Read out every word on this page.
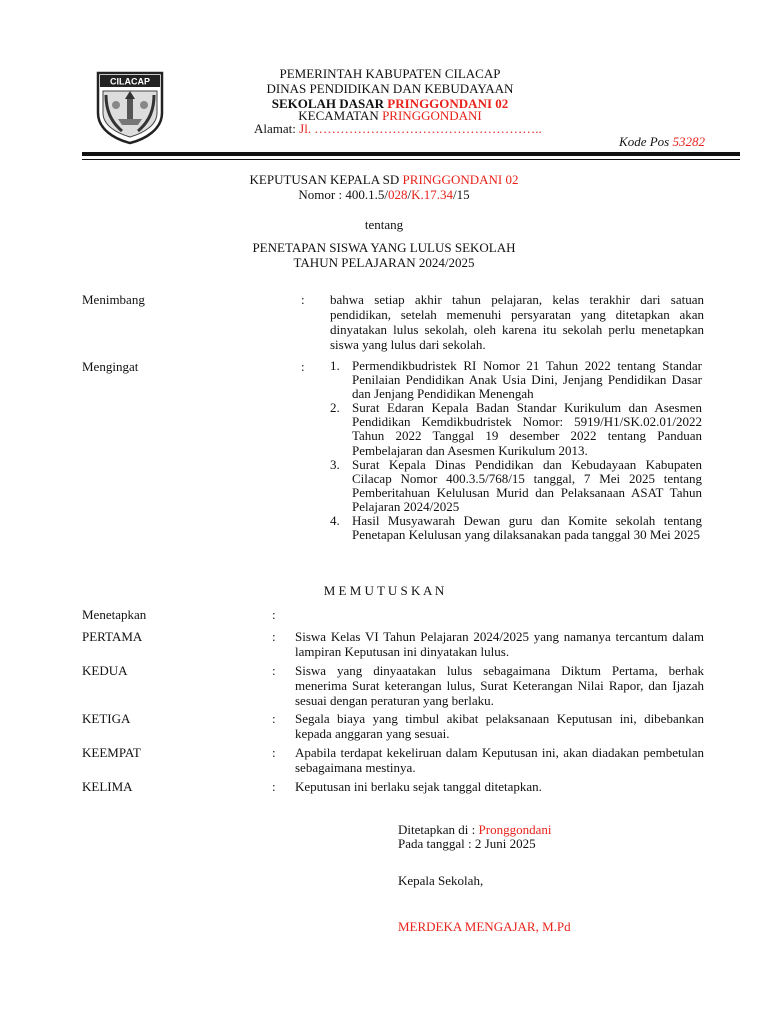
CILACAP
PEMERINTAH KABUPATEN CILACAP
DINAS PENDIDIKAN DAN KEBUDAYAAN
SEKOLAH DASAR PRINGGONDANI 02
KECAMATAN PRINGGONDANI
Alamat: Jl. ……………………………………………..
Kode Pos 53282
KEPUTUSAN KEPALA SD PRINGGONDANI 02
Nomor : 400.1.5/028/K.17.34/15
tentang
PENETAPAN SISWA YANG LULUS SEKOLAH
TAHUN PELAJARAN 2024/2025
Menimbang	: bahwa setiap akhir tahun pelajaran, kelas terakhir dari satuan pendidikan, setelah memenuhi persyaratan yang ditetapkan akan dinyatakan lulus sekolah, oleh karena itu sekolah perlu menetapkan siswa yang lulus dari sekolah.
Mengingat	: 1. Permendikbudristek RI Nomor 21 Tahun 2022 tentang Standar Penilaian Pendidikan Anak Usia Dini, Jenjang Pendidikan Dasar dan Jenjang Pendidikan Menengah
2. Surat Edaran Kepala Badan Standar Kurikulum dan Asesmen Pendidikan Kemdikbudristek Nomor: 5919/H1/SK.02.01/2022 Tahun 2022 Tanggal 19 desember 2022 tentang Panduan Pembelajaran dan Asesmen Kurikulum 2013.
3. Surat Kepala Dinas Pendidikan dan Kebudayaan Kabupaten Cilacap Nomor 400.3.5/768/15 tanggal, 7 Mei 2025 tentang Pemberitahuan Kelulusan Murid dan Pelaksanaan ASAT Tahun Pelajaran 2024/2025
4. Hasil Musyawarah Dewan guru dan Komite sekolah tentang Penetapan Kelulusan yang dilaksanakan pada tanggal 30 Mei 2025
M E M U T U S K A N
Menetapkan	:
PERTAMA	: Siswa Kelas VI Tahun Pelajaran 2024/2025 yang namanya tercantum dalam lampiran Keputusan ini dinyatakan lulus.
KEDUA	: Siswa yang dinyaatakan lulus sebagaimana Diktum Pertama, berhak menerima Surat keterangan lulus, Surat Keterangan Nilai Rapor, dan Ijazah sesuai dengan peraturan yang berlaku.
KETIGA	: Segala biaya yang timbul akibat pelaksanaan Keputusan ini, dibebankan kepada anggaran yang sesuai.
KEEMPAT	: Apabila terdapat kekeliruan dalam Keputusan ini, akan diadakan pembetulan sebagaimana mestinya.
KELIMA	: Keputusan ini berlaku sejak tanggal ditetapkan.
Ditetapkan di : Pronggondani
Pada tanggal : 2 Juni 2025
Kepala Sekolah,
MERDEKA MENGAJAR, M.Pd
